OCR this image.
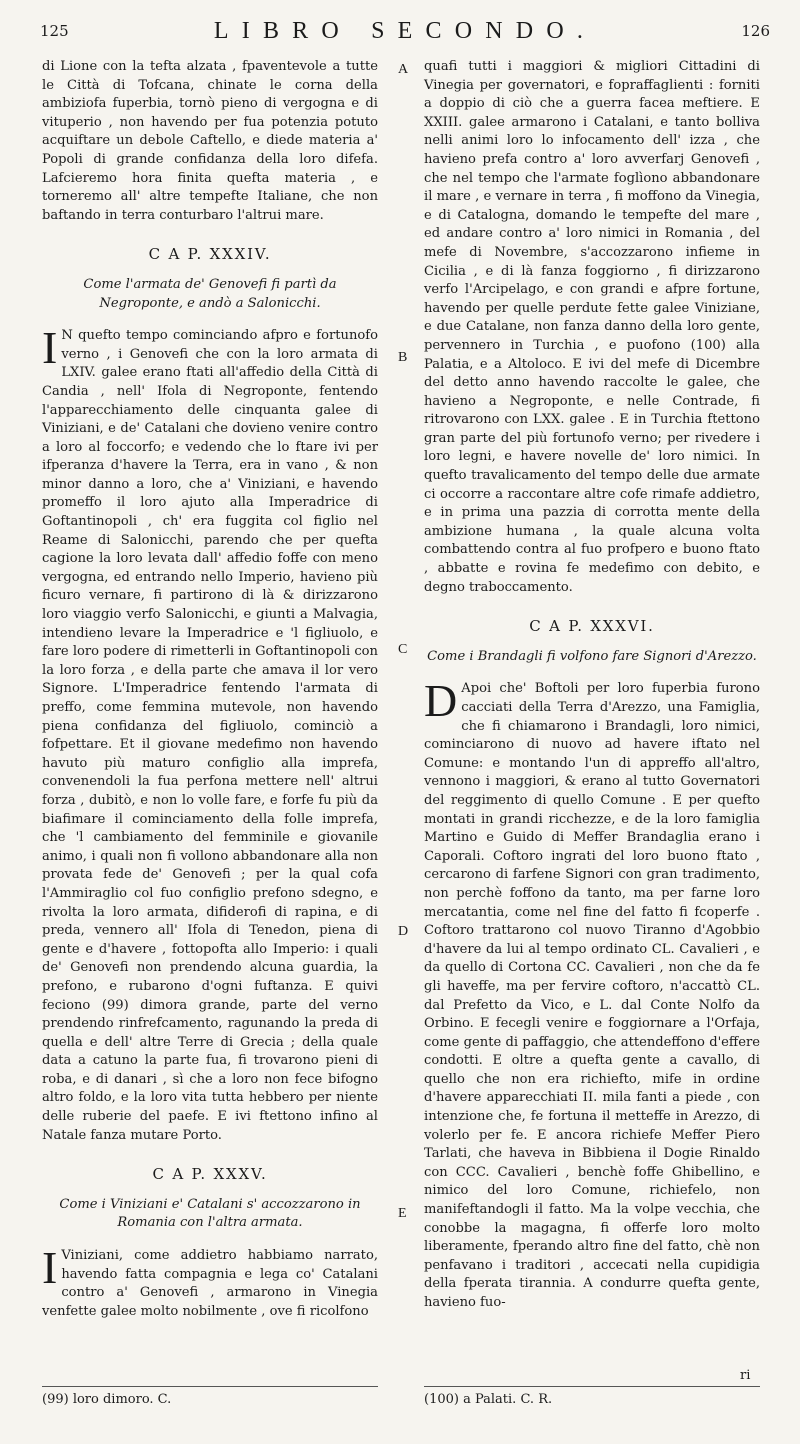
125	LIBRO SECONDO.	126
A
B
C
D
E

di Lione con la tefta alzata , fpaventevole a tutte le Città di Tofcana, chinate le corna della ambiziofa fuperbia, tornò pieno di vergogna e di vituperio , non havendo per fua potenzia potuto acquiftare un debole Caftello, e diede materia a' Popoli di grande confidanza della loro difefa. Lafcieremo hora finita quefta materia , e torneremo all' altre tempefte Italiane, che non baftando in terra conturbaro l'altrui mare.

C A P. XXXIV.
Come l'armata de' Genovefi fi partì da Negroponte, e andò a Salonicchi.

I N quefto tempo cominciando afpro e fortunofo verno , i Genovefi che con la loro armata di LXIV. galee erano ftati all'affedio della Città di Candia , nell' Ifola di Negroponte, fentendo l'apparecchiamento delle cinquanta galee di Viniziani, e de' Catalani che dovieno venire contro a loro al foccorfo; e vedendo che lo ftare ivi per ifperanza d'havere la Terra, era in vano , & non minor danno a loro, che a' Viniziani, e havendo promeffo il loro ajuto alla Imperadrice di Goftantinopoli , ch' era fuggita col figlio nel Reame di Salonicchi, parendo che per quefta cagione la loro levata dall' affedio foffe con meno vergogna, ed entrando nello Imperio, havieno più ficuro vernare, fi partirono di là & dirizzarono loro viaggio verfo Salonicchi, e giunti a Malvagia, intendieno levare la Imperadrice e 'l figliuolo, e fare loro podere di rimetterli in Goftantinopoli con la loro forza , e della parte che amava il lor vero Signore. L'Imperadrice fentendo l'armata di preffo, come femmina mutevole, non havendo piena confidanza del figliuolo, cominciò a fofpettare. Et il giovane medefimo non havendo havuto più maturo configlio alla imprefa, convenendoli la fua perfona mettere nell' altrui forza , dubitò, e non lo volle fare, e forfe fu più da biafimare il cominciamento della folle imprefa, che 'l cambiamento del femminile e giovanile animo, i quali non fi vollono abbandonare alla non provata fede de' Genovefi ; per la qual cofa l'Ammiraglio col fuo configlio prefono sdegno, e rivolta la loro armata, difiderofi di rapina, e di preda, vennero all' Ifola di Tenedon, piena di gente e d'havere , fottopofta allo Imperio: i quali de' Genovefi non prendendo alcuna guardia, la prefono, e rubarono d'ogni fuftanza. E quivi feciono (99) dimora grande, parte del verno prendendo rinfrefcamento, ragunando la preda di quella e dell' altre Terre di Grecia ; della quale data a catuno la parte fua, fi trovarono pieni di roba, e di danari , sì che a loro non fece bifogno altro foldo, e la loro vita tutta hebbero per niente delle ruberie del paefe. E ivi ftettono infino al Natale fanza mutare Porto.

C A P. XXXV.
Come i Viniziani e' Catalani s' accozzarono in Romania con l'altra armata.

I Viniziani, come addietro habbiamo narrato, havendo fatta compagnia e lega co' Catalani contro a' Genovefi , armarono in Vinegia venfette galee molto nobilmente , ove fi ricolfono

quafi tutti i maggiori & migliori Cittadini di Vinegia per governatori, e fopraffaglienti : forniti a doppio di ciò che a guerra facea meftiere. E XXIII. galee armarono i Catalani, e tanto bolliva nelli animi loro lo infocamento dell' izza , che havieno prefa contro a' loro avverfarj Genovefi , che nel tempo che l'armate foglìono abbandonare il mare , e vernare in terra , fi moffono da Vinegia, e di Catalogna, domando le tempefte del mare , ed andare contro a' loro nimici in Romania , del mefe di Novembre, s'accozzarono infieme in Cicilia , e di là fanza foggiorno , fi dirizzarono verfo l'Arcipelago, e con grandi e afpre fortune, havendo per quelle perdute fette galee Viniziane, e due Catalane, non fanza danno della loro gente, pervennero in Turchia , e puofono (100) alla Palatia, e a Altoloco. E ivi del mefe di Dicembre del detto anno havendo raccolte le galee, che havieno a Negroponte, e nelle Contrade, fi ritrovarono con LXX. galee . E in Turchia ftettono gran parte del più fortunofo verno; per rivedere i loro legni, e havere novelle de' loro nimici. In quefto travalicamento del tempo delle due armate ci occorre a raccontare altre cofe rimafe addietro, e in prima una pazzia di corrotta mente della ambizione humana , la quale alcuna volta combattendo contra al fuo profpero e buono ftato , abbatte e rovina fe medefimo con debito, e degno traboccamento.

C A P. XXXVI.
Come i Brandagli fi volfono fare Signori d'Arezzo.

D Apoi che' Boftoli per loro fuperbia furono cacciati della Terra d'Arezzo, una Famiglia, che fi chiamarono i Brandagli, loro nimici, cominciarono di nuovo ad havere iftato nel Comune: e montando l'un di appreffo all'altro, vennono i maggiori, & erano al tutto Governatori del reggimento di quello Comune . E per quefto montati in grandi ricchezze, e de la loro famiglia Martino e Guido di Meffer Brandaglia erano i Caporali. Coftoro ingrati del loro buono ftato , cercarono di farfene Signori con gran tradimento, non perchè foffono da tanto, ma per farne loro mercatantia, come nel fine del fatto fi fcoperfe . Coftoro trattarono col nuovo Tiranno d'Agobbio d'havere da lui al tempo ordinato CL. Cavalieri , e da quello di Cortona CC. Cavalieri , non che da fe gli haveffe, ma per fervire coftoro, n'accattò CL. dal Prefetto da Vico, e L. dal Conte Nolfo da Orbino. E fecegli venire e foggiornare a l'Orfaja, come gente di paffaggio, che attendeffono d'effere condotti. E oltre a quefta gente a cavallo, di quello che non era richiefto, mife in ordine d'havere apparecchiati II. mila fanti a piede , con intenzione che, fe fortuna il metteffe in Arezzo, di volerlo per fe. E ancora richiefe Meffer Piero Tarlati, che haveva in Bibbiena il Dogie Rinaldo con CCC. Cavalieri , benchè foffe Ghibellino, e nimico del loro Comune, richiefelo, non manifeftandogli il fatto. Ma la volpe vecchia, che conobbe la magagna, fi offerfe loro molto liberamente, fperando altro fine del fatto, chè non penfavano i traditori , accecati nella cupidigia della fperata tirannia. A condurre quefta gente, havieno fuo-

ri
(99) loro dimoro. C.	(100) a Palati. C. R.
